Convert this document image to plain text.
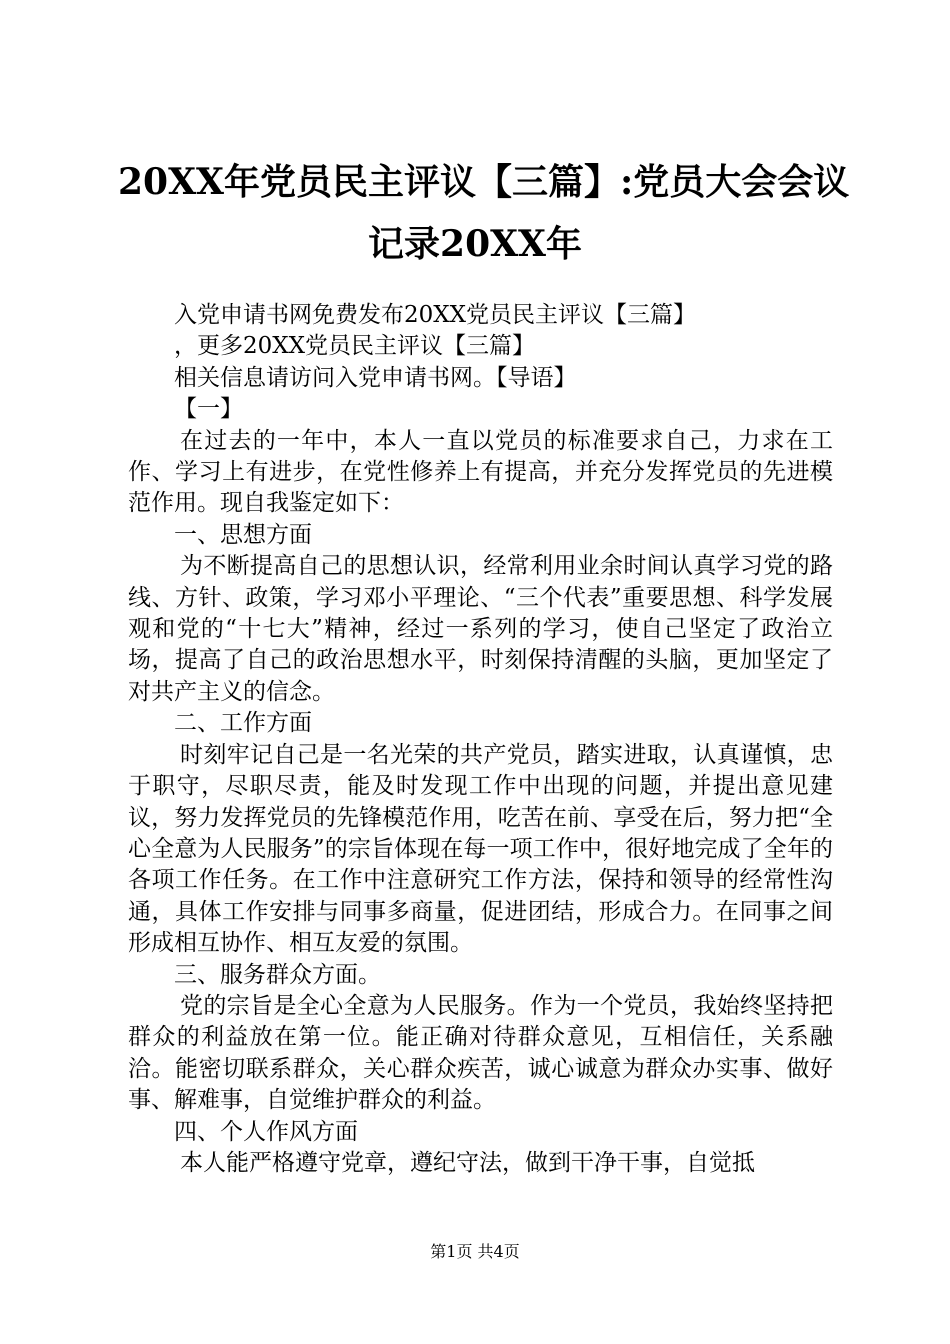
20XX年党员民主评议【三篇】:党员大会会议
记录20XX年

入党申请书网免费发布20XX党员民主评议【三篇】

，更多20XX党员民主评议【三篇】

相关信息请访问入党申请书网。【导语】

【一】

在过去的一年中，本人一直以党员的标准要求自己，力求在工作、学习上有进步，在党性修养上有提高，并充分发挥党员的先进模范作用。现自我鉴定如下：

一、思想方面

为不断提高自己的思想认识，经常利用业余时间认真学习党的路线、方针、政策，学习邓小平理论、“三个代表”重要思想、科学发展观和党的“十七大”精神，经过一系列的学习，使自己坚定了政治立场，提高了自己的政治思想水平，时刻保持清醒的头脑，更加坚定了对共产主义的信念。

二、工作方面

时刻牢记自己是一名光荣的共产党员，踏实进取，认真谨慎，忠于职守，尽职尽责，能及时发现工作中出现的问题，并提出意见建议，努力发挥党员的先锋模范作用，吃苦在前、享受在后，努力把“全心全意为人民服务”的宗旨体现在每一项工作中，很好地完成了全年的各项工作任务。在工作中注意研究工作方法，保持和领导的经常性沟通，具体工作安排与同事多商量，促进团结，形成合力。在同事之间形成相互协作、相互友爱的氛围。

三、服务群众方面。

党的宗旨是全心全意为人民服务。作为一个党员，我始终坚持把群众的利益放在第一位。能正确对待群众意见，互相信任，关系融洽。能密切联系群众，关心群众疾苦，诚心诚意为群众办实事、做好事、解难事，自觉维护群众的利益。

四、个人作风方面

本人能严格遵守党章，遵纪守法，做到干净干事，自觉抵

第1页 共4页
